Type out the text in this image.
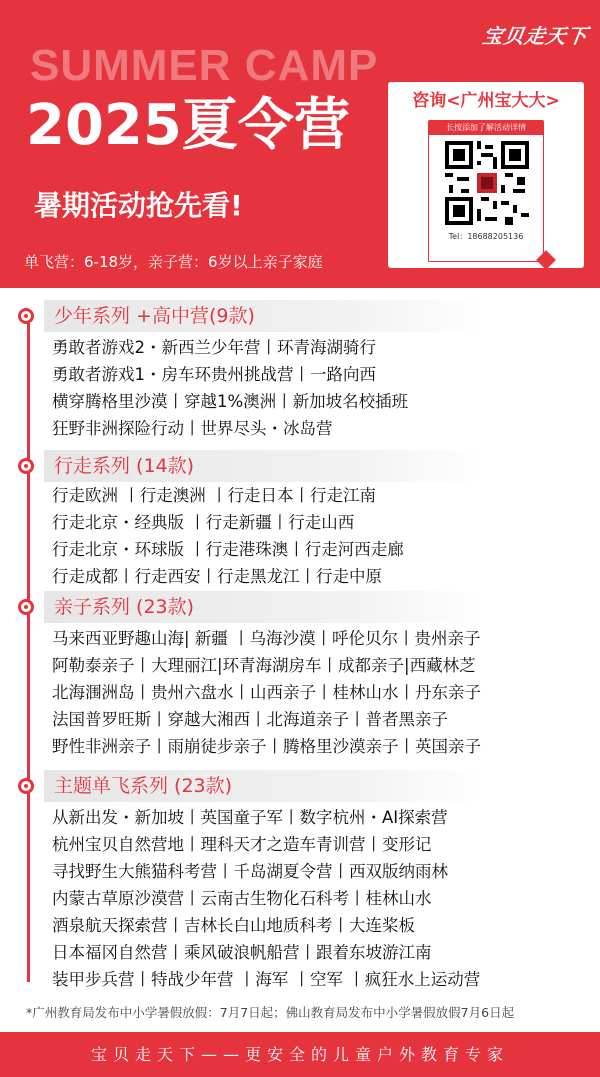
宝贝走天下
SUMMER CAMP
2025夏令营
暑期活动抢先看!
单飞营：6-18岁，亲子营：6岁以上亲子家庭
咨询<广州宝大大>
长按添加了解活动详情
Tel：18688205136
少年系列 +高中营(9款)
勇敢者游戏2・新西兰少年营丨环青海湖骑行
勇敢者游戏1・房车环贵州挑战营丨一路向西
横穿腾格里沙漠丨穿越1%澳洲丨新加坡名校插班
狂野非洲探险行动丨世界尽头・冰岛营
行走系列 (14款)
行走欧洲 丨行走澳洲 丨行走日本丨行走江南
行走北京・经典版 丨行走新疆丨行走山西
行走北京・环球版 丨行走港珠澳丨行走河西走廊
行走成都丨行走西安丨行走黑龙江丨行走中原
亲子系列 (23款)
马来西亚野趣山海| 新疆 丨乌海沙漠丨呼伦贝尔丨贵州亲子
阿勒泰亲子丨大理丽江|环青海湖房车丨成都亲子|西藏林芝
北海涠洲岛丨贵州六盘水丨山西亲子丨桂林山水丨丹东亲子
法国普罗旺斯丨穿越大湘西丨北海道亲子丨普者黑亲子
野性非洲亲子丨雨崩徒步亲子丨腾格里沙漠亲子丨英国亲子
主题单飞系列 (23款)
从新出发・新加坡丨英国童子军丨数字杭州・AI探索营
杭州宝贝自然营地丨理科天才之造车青训营丨变形记
寻找野生大熊猫科考营丨千岛湖夏令营丨西双版纳雨林
内蒙古草原沙漠营丨云南古生物化石科考丨桂林山水
酒泉航天探索营丨吉林长白山地质科考丨大连桨板
日本福冈自然营丨乘风破浪帆船营丨跟着东坡游江南
装甲步兵营丨特战少年营 丨海军 丨空军 丨疯狂水上运动营
*广州教育局发布中小学暑假放假：7月7日起；佛山教育局发布中小学暑假放假7月6日起
宝贝走天下——更安全的儿童户外教育专家
